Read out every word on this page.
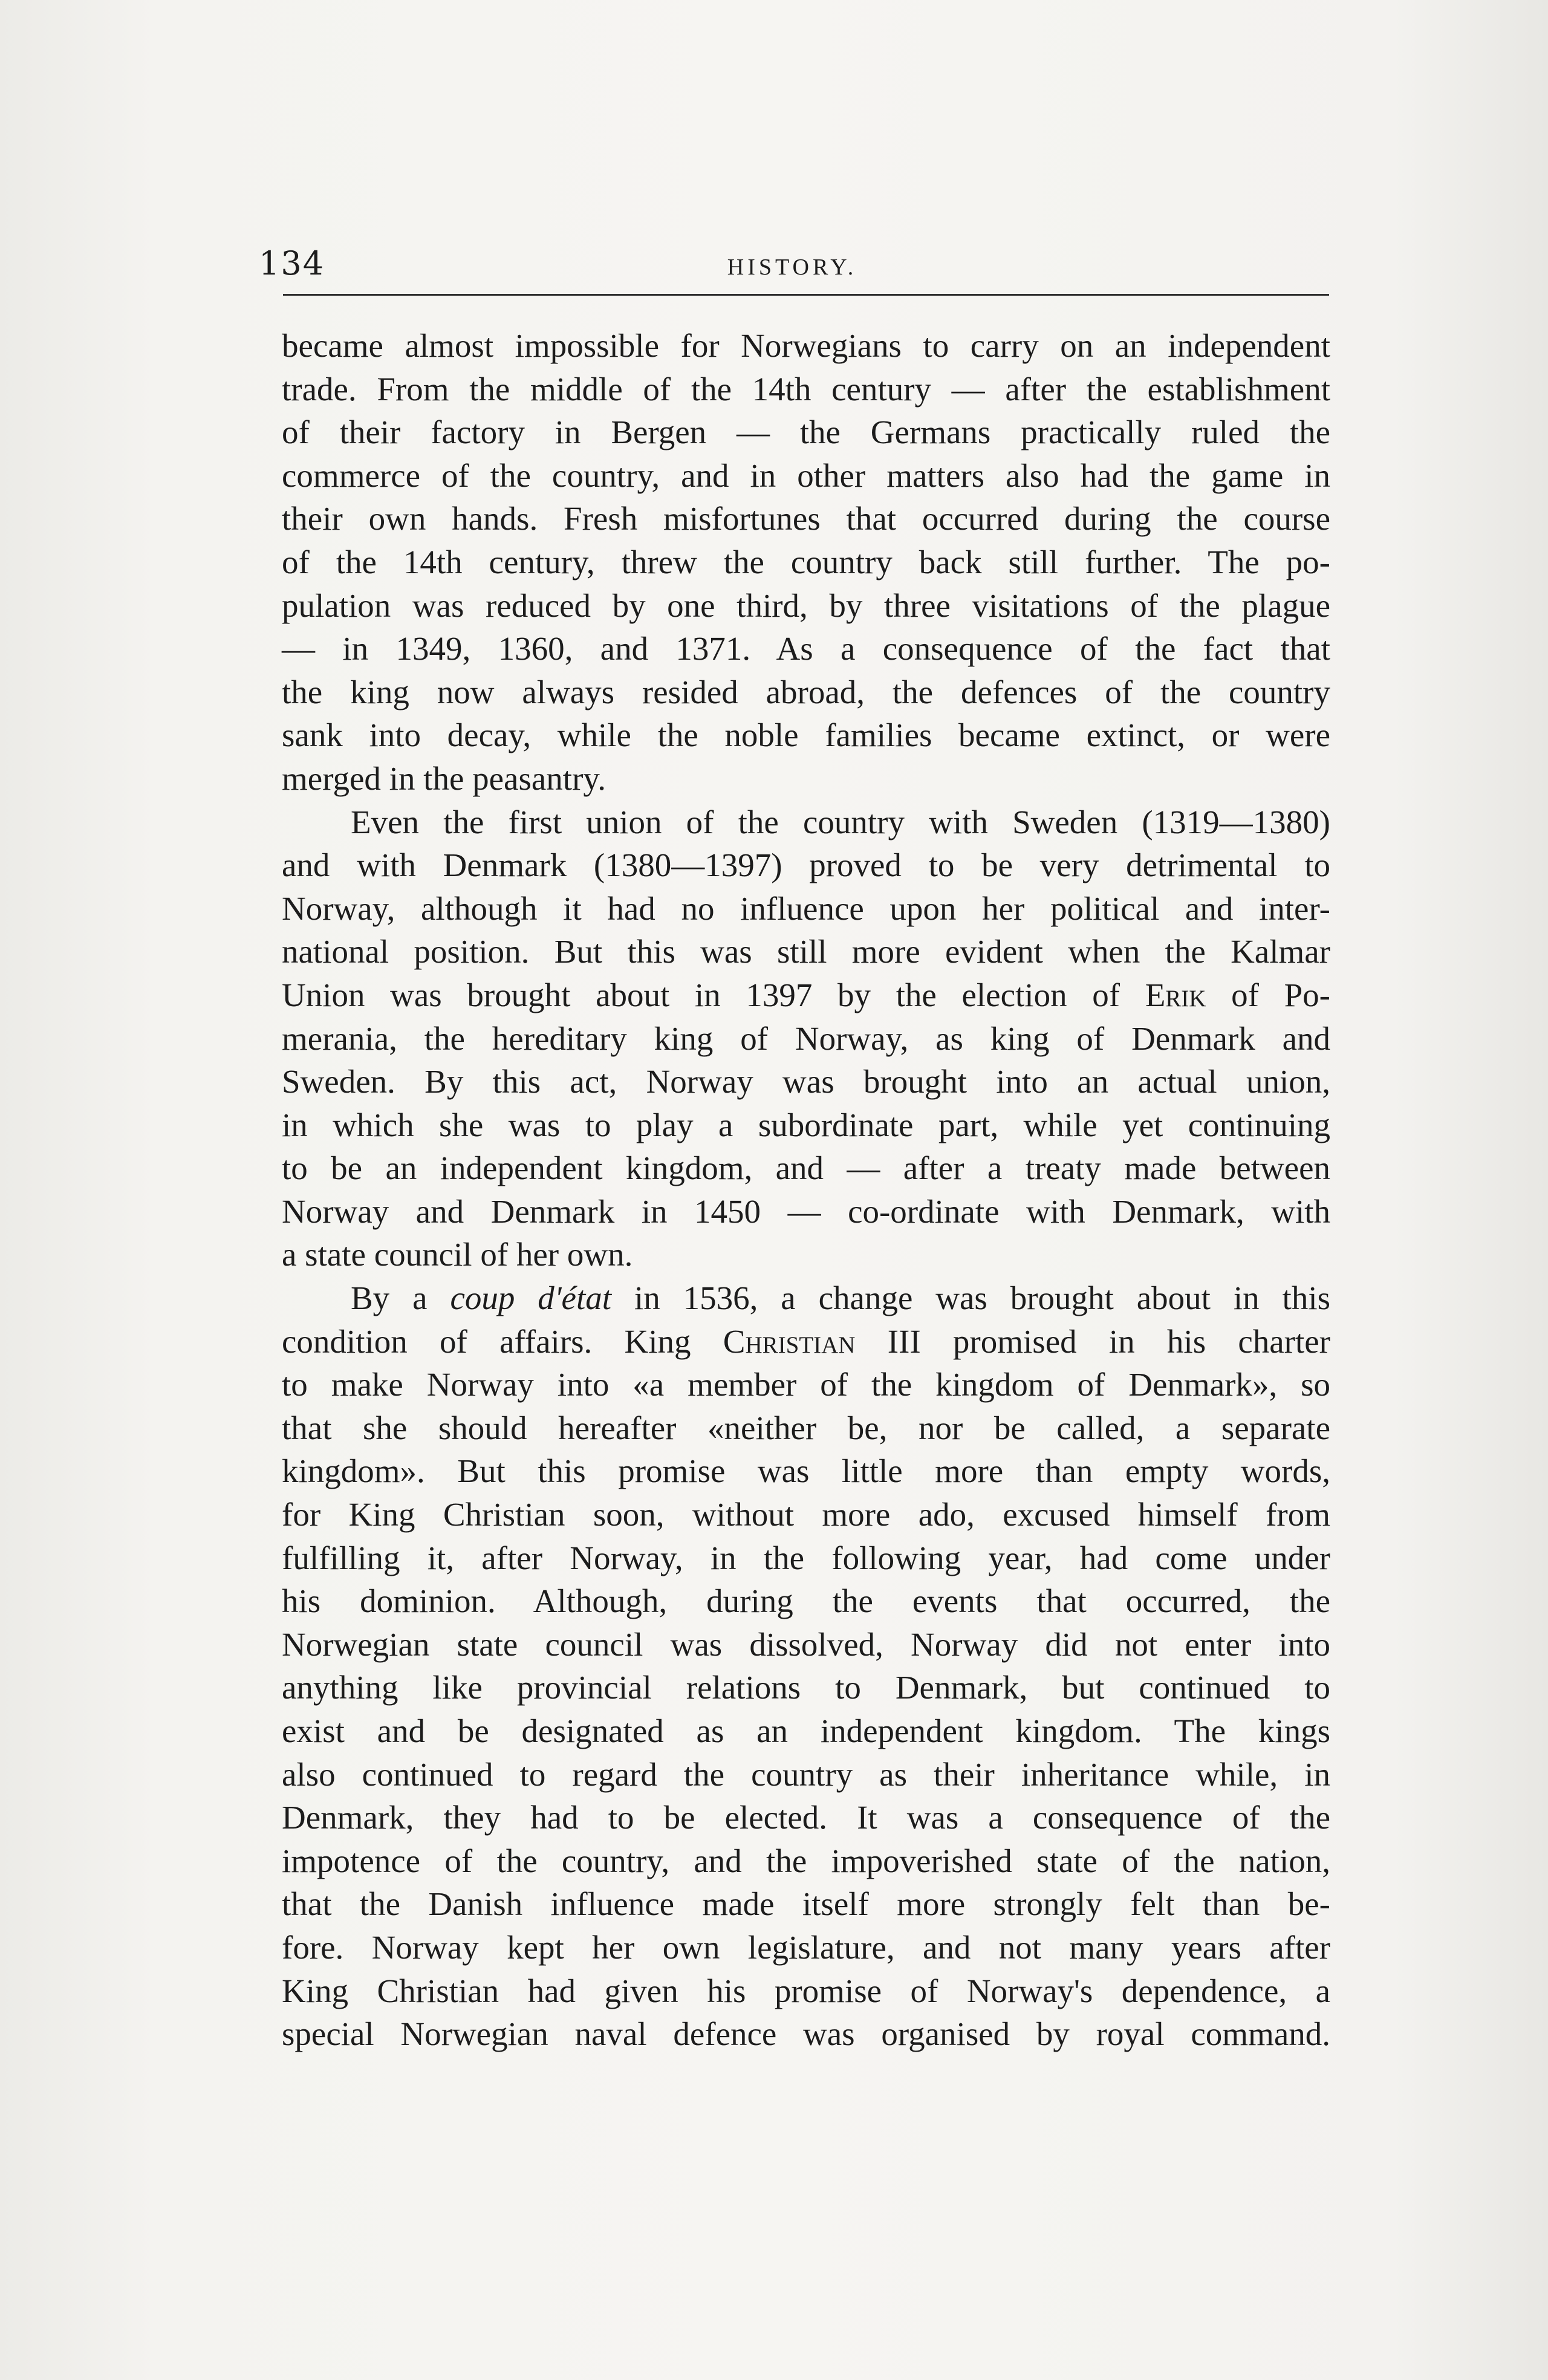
134	HISTORY.
became almost impossible for Norwegians to carry on an independent
trade. From the middle of the 14th century — after the establishment
of their factory in Bergen — the Germans practically ruled the
commerce of the country, and in other matters also had the game in
their own hands. Fresh misfortunes that occurred during the course
of the 14th century, threw the country back still further. The po-
pulation was reduced by one third, by three visitations of the plague
— in 1349, 1360, and 1371. As a consequence of the fact that
the king now always resided abroad, the defences of the country
sank into decay, while the noble families became extinct, or were
merged in the peasantry.
Even the first union of the country with Sweden (1319—1380)
and with Denmark (1380—1397) proved to be very detrimental to
Norway, although it had no influence upon her political and inter-
national position. But this was still more evident when the Kalmar
Union was brought about in 1397 by the election of Erik of Po-
merania, the hereditary king of Norway, as king of Denmark and
Sweden. By this act, Norway was brought into an actual union,
in which she was to play a subordinate part, while yet continuing
to be an independent kingdom, and — after a treaty made between
Norway and Denmark in 1450 — co-ordinate with Denmark, with
a state council of her own.
By a coup d'état in 1536, a change was brought about in this
condition of affairs. King Christian III promised in his charter
to make Norway into «a member of the kingdom of Denmark», so
that she should hereafter «neither be, nor be called, a separate
kingdom». But this promise was little more than empty words,
for King Christian soon, without more ado, excused himself from
fulfilling it, after Norway, in the following year, had come under
his dominion. Although, during the events that occurred, the
Norwegian state council was dissolved, Norway did not enter into
anything like provincial relations to Denmark, but continued to
exist and be designated as an independent kingdom. The kings
also continued to regard the country as their inheritance while, in
Denmark, they had to be elected. It was a consequence of the
impotence of the country, and the impoverished state of the nation,
that the Danish influence made itself more strongly felt than be-
fore. Norway kept her own legislature, and not many years after
King Christian had given his promise of Norway's dependence, a
special Norwegian naval defence was organised by royal command.
